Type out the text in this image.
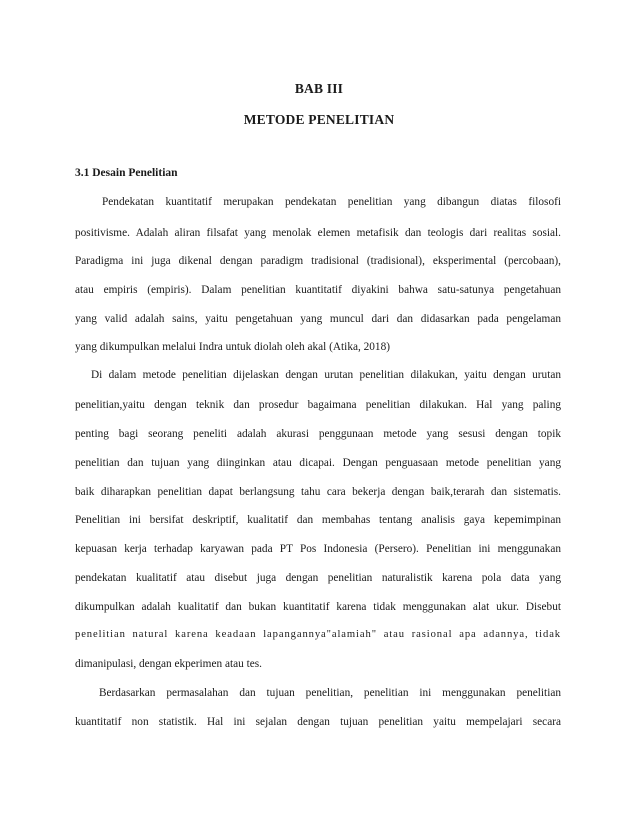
BAB III
METODE PENELITIAN
3.1 Desain Penelitian

Pendekatan kuantitatif merupakan pendekatan penelitian yang dibangun diatas filosofi

positivisme. Adalah aliran filsafat yang menolak elemen metafisik dan teologis dari realitas sosial.

Paradigma ini juga dikenal dengan paradigm tradisional (tradisional), eksperimental (percobaan),

atau empiris (empiris). Dalam penelitian kuantitatif diyakini bahwa satu-satunya pengetahuan

yang valid adalah sains, yaitu pengetahuan yang muncul dari dan didasarkan pada pengelaman

yang dikumpulkan melalui Indra untuk diolah oleh akal (Atika, 2018)

Di dalam metode penelitian dijelaskan dengan urutan penelitian dilakukan, yaitu dengan urutan

penelitian,yaitu dengan teknik dan prosedur bagaimana penelitian dilakukan. Hal yang paling

penting bagi seorang peneliti adalah akurasi penggunaan metode yang sesusi dengan topik

penelitian dan tujuan yang diinginkan atau dicapai. Dengan penguasaan metode penelitian yang

baik diharapkan penelitian dapat berlangsung tahu cara bekerja dengan baik,terarah dan sistematis.

Penelitian ini bersifat deskriptif, kualitatif dan membahas tentang analisis gaya kepemimpinan

kepuasan kerja terhadap karyawan pada PT Pos Indonesia (Persero). Penelitian ini menggunakan

pendekatan kualitatif atau disebut juga dengan penelitian naturalistik karena pola data yang

dikumpulkan adalah kualitatif dan bukan kuantitatif karena tidak menggunakan alat ukur. Disebut

penelitian natural karena keadaan lapangannya"alamiah" atau rasional apa adannya, tidak

dimanipulasi, dengan ekperimen atau tes.

Berdasarkan permasalahan dan tujuan penelitian, penelitian ini menggunakan penelitian

kuantitatif non statistik. Hal ini sejalan dengan tujuan penelitian yaitu mempelajari secara
